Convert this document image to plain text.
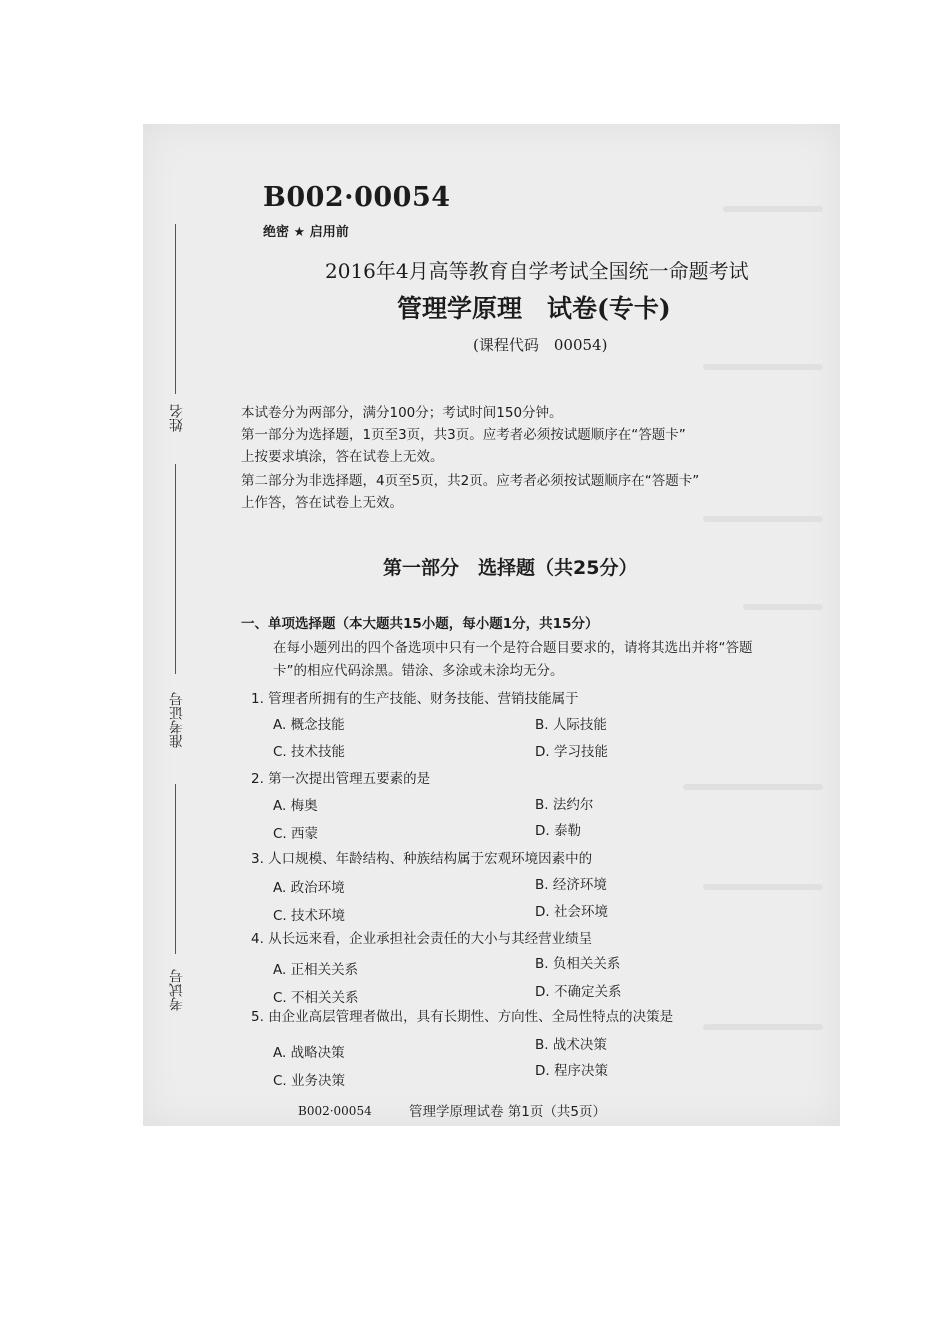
姓名
准考证号
考试号
B002·00054
绝密 ★ 启用前
2016年4月高等教育自学考试全国统一命题考试
管理学原理　试卷(专卡)
(课程代码　00054)
本试卷分为两部分，满分100分；考试时间150分钟。
第一部分为选择题，1页至3页，共3页。应考者必须按试题顺序在“答题卡”
上按要求填涂，答在试卷上无效。
第二部分为非选择题，4页至5页，共2页。应考者必须按试题顺序在“答题卡”
上作答，答在试卷上无效。
第一部分　选择题（共25分）
一、单项选择题（本大题共15小题，每小题1分，共15分）
在每小题列出的四个备选项中只有一个是符合题目要求的，请将其选出并将“答题
卡”的相应代码涂黑。错涂、多涂或未涂均无分。
1. 管理者所拥有的生产技能、财务技能、营销技能属于
A. 概念技能	B. 人际技能
C. 技术技能	D. 学习技能
2. 第一次提出管理五要素的是
A. 梅奥	B. 法约尔
C. 西蒙	D. 泰勒
3. 人口规模、年龄结构、种族结构属于宏观环境因素中的
A. 政治环境	B. 经济环境
C. 技术环境	D. 社会环境
4. 从长远来看，企业承担社会责任的大小与其经营业绩呈
A. 正相关关系	B. 负相关关系
C. 不相关关系	D. 不确定关系
5. 由企业高层管理者做出，具有长期性、方向性、全局性特点的决策是
A. 战略决策	B. 战术决策
C. 业务决策
D. 程序决策
B002·00054	管理学原理试卷 第1页（共5页）
